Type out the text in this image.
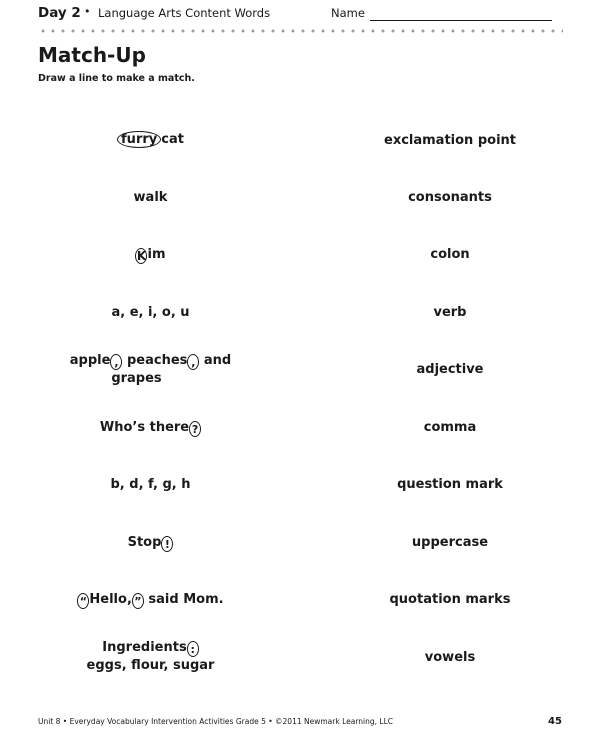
Day 2 • Language Arts Content Words	Name
Match-Up
Draw a line to make a match.
furry cat
walk
Kim
a, e, i, o, u
apple , peaches , and
grapes
Who’s there ?
b, d, f, g, h
Stop !
“ Hello, ” said Mom.
Ingredients :
eggs, flour, sugar
exclamation point
consonants
colon
verb
adjective
comma
question mark
uppercase
quotation marks
vowels
Unit 8 • Everyday Vocabulary Intervention Activities Grade 5 • ©2011 Newmark Learning, LLC	45
